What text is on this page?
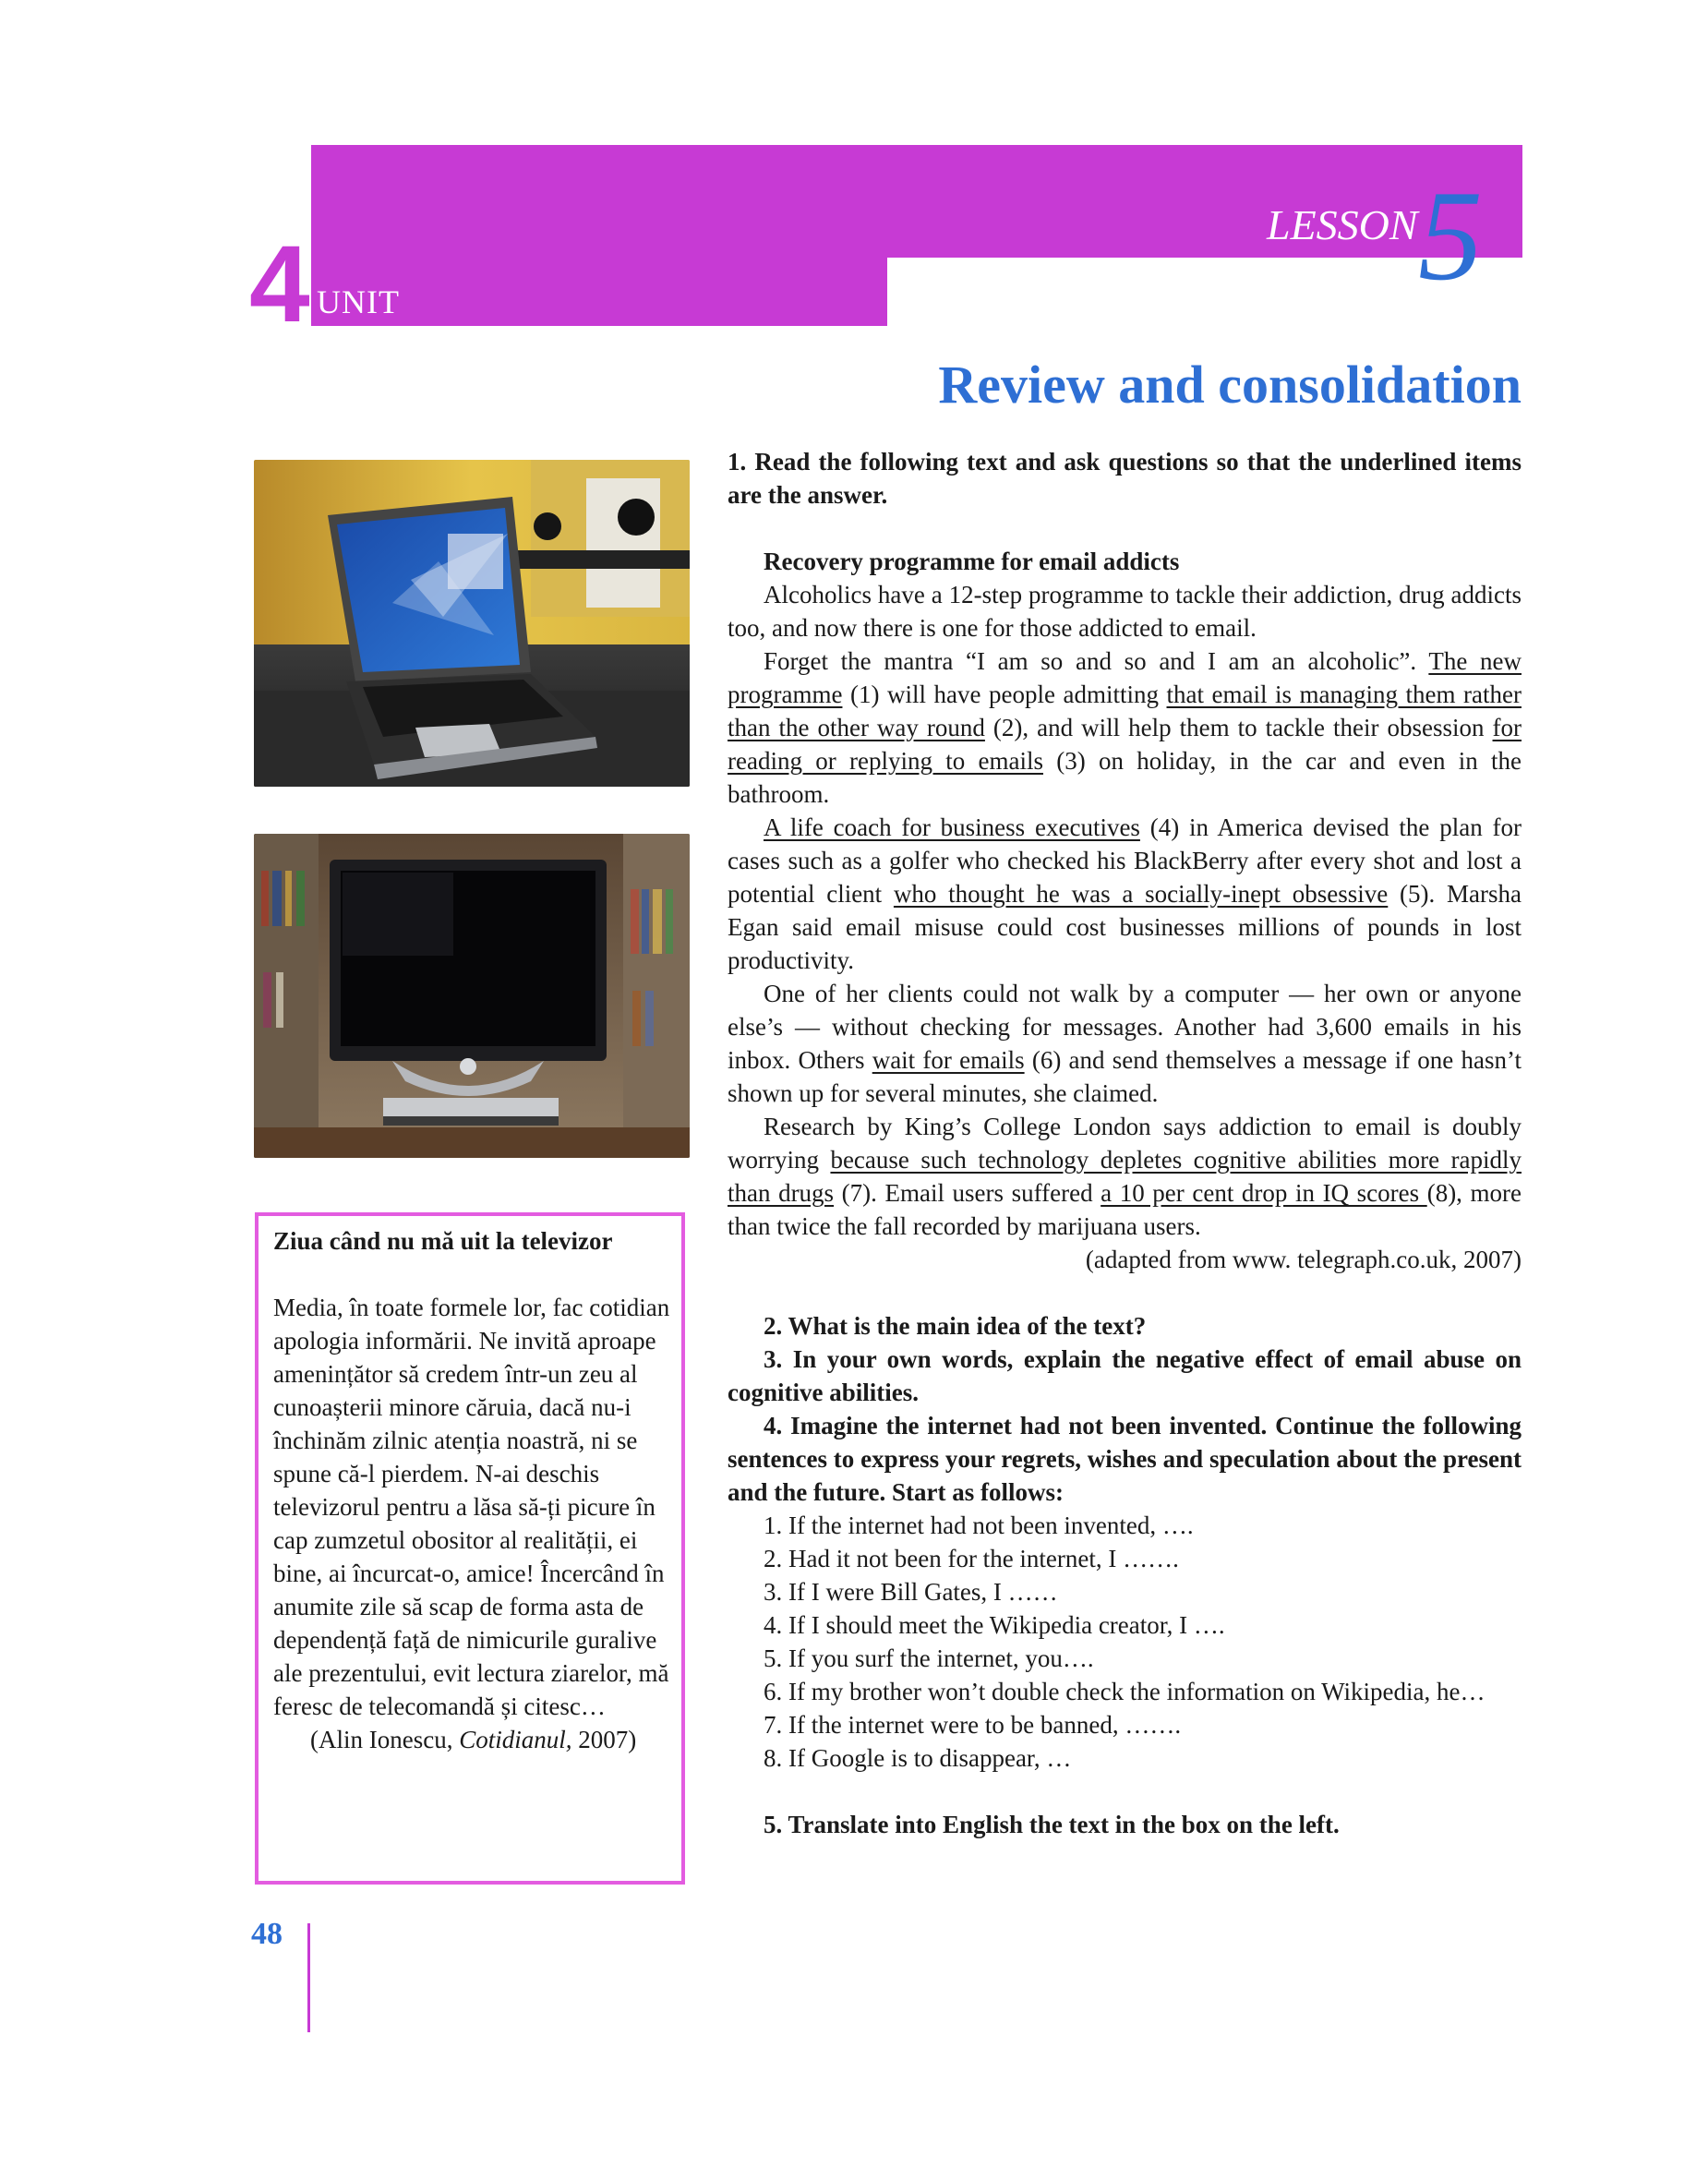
4 UNIT
LESSON 5
Review and consolidation
Ziua când nu mă uit la televizor
Media, în toate formele lor, fac cotidian apologia informării. Ne invită aproape amenințător să credem într-un zeu al cunoașterii minore căruia, dacă nu-i închinăm zilnic atenția noastră, ni se spune că-l pierdem. N-ai deschis televizorul pentru a lăsa să-ți picure în cap zumzetul obositor al realității, ei bine, ai încurcat-o, amice! Încercând în anumite zile să scap de forma asta de dependență față de nimicurile guralive ale prezentului, evit lectura ziarelor, mă feresc de telecomandă și citesc…
(Alin Ionescu, Cotidianul, 2007)

1. Read the following text and ask questions so that the underlined items are the answer.

Recovery programme for email addicts

Alcoholics have a 12-step programme to tackle their addiction, drug addicts too, and now there is one for those addicted to email.

Forget the mantra “I am so and so and I am an alcoholic”. The new programme (1) will have people admitting that email is managing them rather than the other way round (2), and will help them to tackle their obsession for reading or replying to emails (3) on holiday, in the car and even in the bathroom.

A life coach for business executives (4) in America devised the plan for cases such as a golfer who checked his BlackBerry after every shot and lost a potential client who thought he was a socially-inept obsessive (5). Marsha Egan said email misuse could cost businesses millions of pounds in lost productivity.

One of her clients could not walk by a computer — her own or anyone else’s — without checking for messages. Another had 3,600 emails in his inbox. Others wait for emails (6) and send themselves a message if one hasn’t shown up for several minutes, she claimed.

Research by King’s College London says addiction to email is doubly worrying because such technology depletes cognitive abilities more rapidly than drugs (7). Email users suffered a 10 per cent drop in IQ scores (8), more than twice the fall recorded by marijuana users.

(adapted from www. telegraph.co.uk, 2007)

2. What is the main idea of the text?

3. In your own words, explain the negative effect of email abuse on cognitive abilities.

4. Imagine the internet had not been invented. Continue the following sentences to express your regrets, wishes and speculation about the present and the future. Start as follows:

1. If the internet had not been invented, ….

2. Had it not been for the internet, I …….

3. If I were Bill Gates, I ……

4. If I should meet the Wikipedia creator, I ….

5. If you surf the internet, you….

6. If my brother won’t double check the information on Wikipedia, he…

7. If the internet were to be banned, …….

8. If Google is to disappear, …

5. Translate into English the text in the box on the left.

48
